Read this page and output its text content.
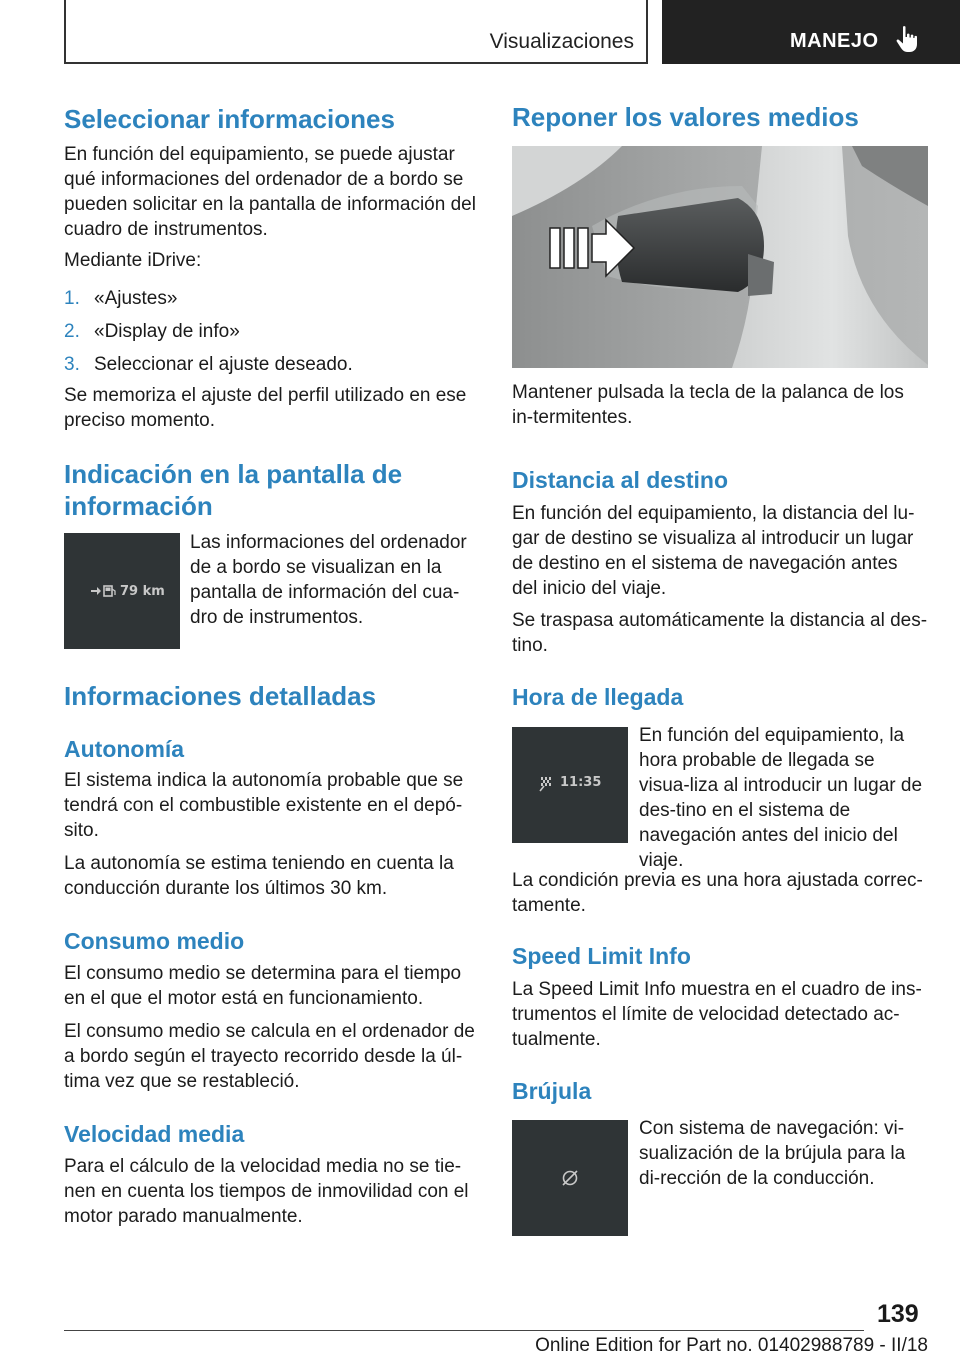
Visualizaciones	MANEJO
Seleccionar informaciones

En función del equipamiento, se puede ajustar qué informaciones del ordenador de a bordo se pueden solicitar en la pantalla de información del cuadro de instrumentos.

Mediante iDrive:

1. «Ajustes»
2. «Display de info»
3. Seleccionar el ajuste deseado.

Se memoriza el ajuste del perfil utilizado en ese preciso momento.

Indicación en la pantalla de información
79 km

Las informaciones del ordenador de a bordo se visualizan en la pantalla de información del cua-dro de instrumentos.

Informaciones detalladas
Autonomía

El sistema indica la autonomía probable que se tendrá con el combustible existente en el depó-sito.

La autonomía se estima teniendo en cuenta la conducción durante los últimos 30 km.

Consumo medio

El consumo medio se determina para el tiempo en el que el motor está en funcionamiento.

El consumo medio se calcula en el ordenador de a bordo según el trayecto recorrido desde la úl-tima vez que se restableció.

Velocidad media

Para el cálculo de la velocidad media no se tie-nen en cuenta los tiempos de inmovilidad con el motor parado manualmente.

Reponer los valores medios

Mantener pulsada la tecla de la palanca de los in-termitentes.

Distancia al destino

En función del equipamiento, la distancia del lu-gar de destino se visualiza al introducir un lugar de destino en el sistema de navegación antes del inicio del viaje.

Se traspasa automáticamente la distancia al des-tino.

Hora de llegada
11:35

En función del equipamiento, la hora probable de llegada se visua-liza al introducir un lugar de des-tino en el sistema de navegación antes del inicio del viaje.

La condición previa es una hora ajustada correc-tamente.

Speed Limit Info

La Speed Limit Info muestra en el cuadro de ins-trumentos el límite de velocidad detectado ac-tualmente.

Brújula

Con sistema de navegación: vi-sualización de la brújula para la di-rección de la conducción.

139
Online Edition for Part no. 01402988789 - II/18
